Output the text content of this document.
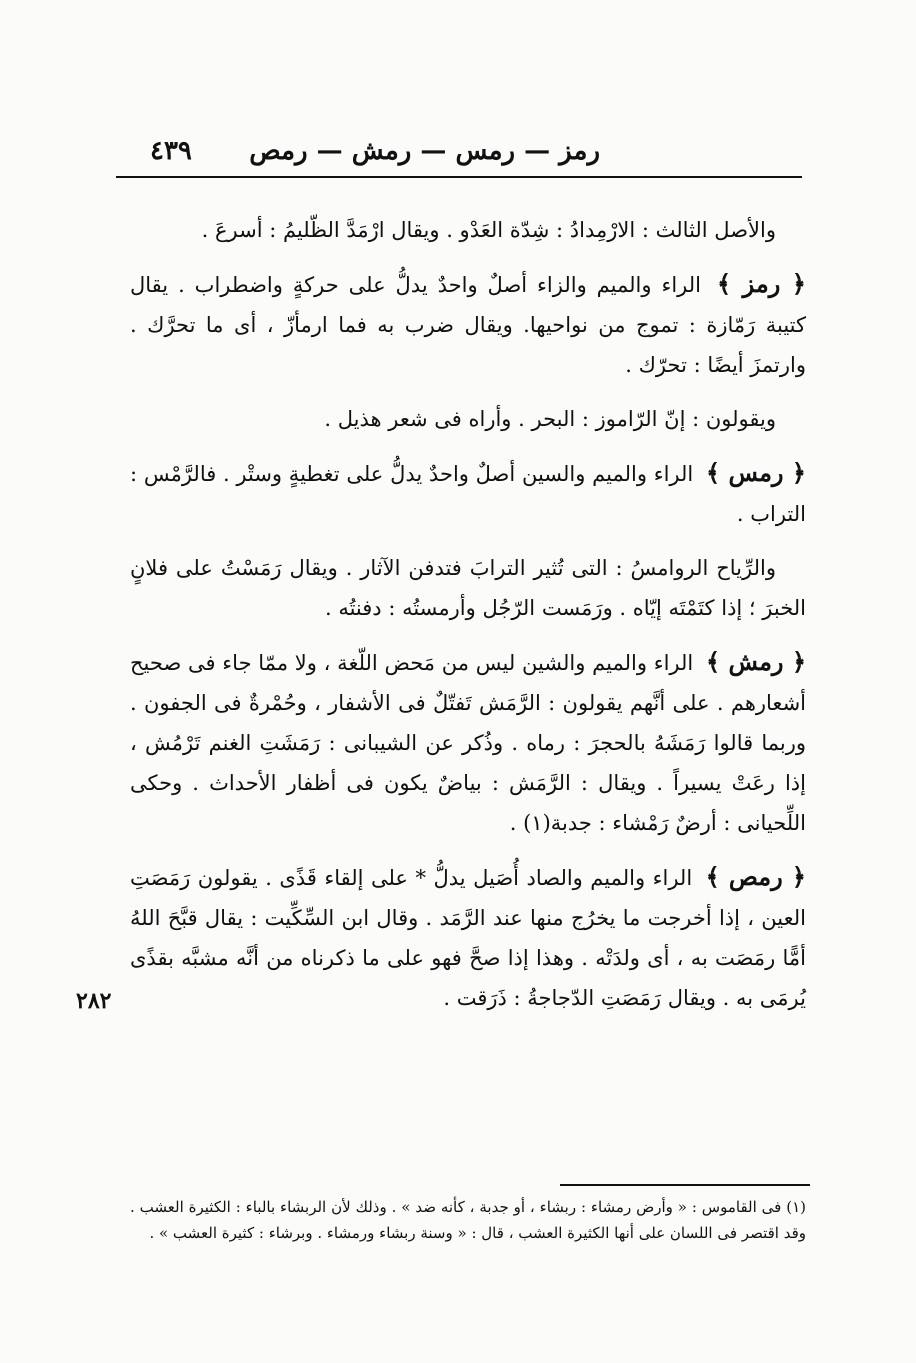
٤٣٩ رمز — رمس — رمش — رمص

والأصل الثالث : الارْمِدادُ : شِدّة العَدْو . ويقال ارْمَدَّ الظّليمُ : أسرعَ .

﴿ رمز ﴾ الراء والميم والزاء أصلٌ واحدٌ يدلُّ على حركةٍ واضطراب . يقال كتيبة رَمّازة : تموج من نواحيها. ويقال ضرب به فما ارمأزّ ، أى ما تحرَّك . وارتمزَ أيضًا : تحرّك .

ويقولون : إنّ الرّاموز : البحر . وأراه فى شعر هذيل .

﴿ رمس ﴾ الراء والميم والسين أصلٌ واحدٌ يدلُّ على تغطيةٍ وستْر . فالرَّمْس : التراب .

والرِّياح الروامسُ : التى تُثير الترابَ فتدفن الآثار . ويقال رَمَسْتُ على فلانٍ الخبرَ ؛ إذا كتَمْتَه إيّاه . ورَمَست الرّجُل وأرمستُه : دفنتُه .

﴿ رمش ﴾ الراء والميم والشين ليس من مَحض اللّغة ، ولا ممّا جاء فى صحيح أشعارهم . على أنَّهم يقولون : الرَّمَش تَفتّلٌ فى الأشفار ، وحُمْرةٌ فى الجفون . وربما قالوا رَمَشَهُ بالحجرَ : رماه . وذُكر عن الشيبانى : رَمَشَتِ الغنم تَرْمُش ، إذا رعَتْ يسيراً . ويقال : الرَّمَش : بياضٌ يكون فى أظفار الأحداث . وحكى اللِّحيانى : أرضٌ رَمْشاء : جدبة(١) .

﴿ رمص ﴾ الراء والميم والصاد أُصَيل يدلُّ * على إلقاء قَذًى . يقولون رَمَصَتِ العين ، إذا أخرجت ما يخرُج منها عند الرَّمَد . وقال ابن السِّكِّيت : يقال قبَّحَ اللهُ أمًّا رمَصَت به ، أى ولدَتْه . وهذا إذا صحَّ فهو على ما ذكرناه من أنَّه مشبَّه بقذًى يُرمَى به . ويقال رَمَصَتِ الدّجاجةُ : ذَرَقت .

٢٨٢
(١) فى القاموس : « وأرض رمشاء : ربشاء ، أو جدبة ، كأنه ضد » . وذلك لأن الربشاء بالباء : الكثيرة العشب . وقد اقتصر فى اللسان على أنها الكثيرة العشب ، قال : « وسنة ربشاء ورمشاء . وبرشاء : كثيرة العشب » .
